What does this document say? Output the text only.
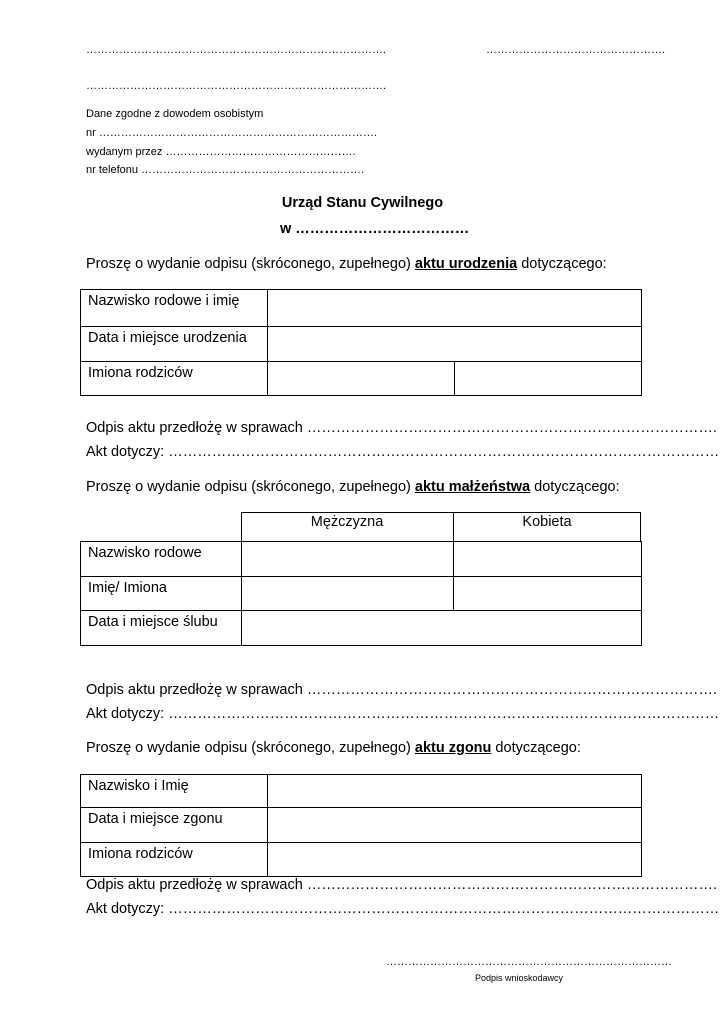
……………………………………………………………………….	………………………………………….
……………………………………………………………………….
Dane zgodne z dowodem osobistym
nr ………………………………………………………………….
wydanym przez …………………………………………….
nr telefonu …………………………………………………….
Urząd Stanu Cywilnego
w ………………………………
Proszę o wydanie odpisu (skróconego, zupełnego) aktu urodzenia dotyczącego:
Nazwisko rodowe i imię		
Data i miejsce urodzenia		
Imiona rodziców		
Odpis aktu przedłożę w sprawach ………………………………………………………………………….
Akt dotyczy: ……………………………………………………………………………………………………
Proszę o wydanie odpisu (skróconego, zupełnego) aktu małżeństwa dotyczącego:
Mężczyzna	Kobieta
Nazwisko rodowe		
Imię/ Imiona		
Data i miejsce ślubu		
Odpis aktu przedłożę w sprawach ………………………………………………………………………….
Akt dotyczy: ……………………………………………………………………………………………………
Proszę o wydanie odpisu (skróconego, zupełnego) aktu zgonu dotyczącego:
Nazwisko i Imię	
Data i miejsce zgonu	
Imiona rodziców	
Odpis aktu przedłożę w sprawach ………………………………………………………………………….
Akt dotyczy: ……………………………………………………………………………………………………
……………………………………………………………………
Podpis wnioskodawcy
